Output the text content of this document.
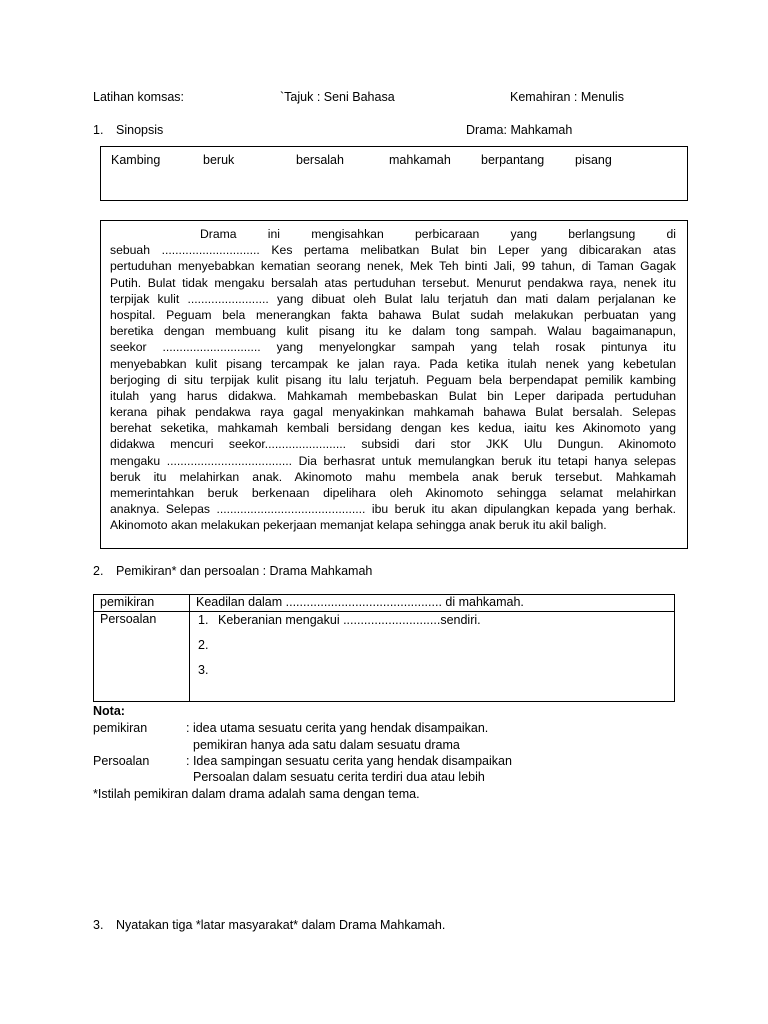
Latihan komsas:	`Tajuk : Seni Bahasa	Kemahiran : Menulis
1. Sinopsis	Drama: Mahkamah
Kambing	beruk	bersalah	mahkamah	berpantang	pisang
Drama ini mengisahkan perbicaraan yang berlangsung di
sebuah ............................. Kes pertama melibatkan Bulat bin Leper yang dibicarakan atas
pertuduhan menyebabkan kematian seorang nenek, Mek Teh binti Jali, 99 tahun, di Taman Gagak
Putih. Bulat tidak mengaku bersalah atas pertuduhan tersebut. Menurut pendakwa raya, nenek itu
terpijak kulit ........................ yang dibuat oleh Bulat lalu terjatuh dan mati dalam perjalanan ke
hospital. Peguam bela menerangkan fakta bahawa Bulat sudah melakukan perbuatan yang
beretika dengan membuang kulit pisang itu ke dalam tong sampah. Walau bagaimanapun,
seekor ............................. yang menyelongkar sampah yang telah rosak pintunya itu
menyebabkan kulit pisang tercampak ke jalan raya. Pada ketika itulah nenek yang kebetulan
berjoging di situ terpijak kulit pisang itu lalu terjatuh. Peguam bela berpendapat pemilik kambing
itulah yang harus didakwa. Mahkamah membebaskan Bulat bin Leper daripada pertuduhan
kerana pihak pendakwa raya gagal menyakinkan mahkamah bahawa Bulat bersalah. Selepas
berehat seketika, mahkamah kembali bersidang dengan kes kedua, iaitu kes Akinomoto yang
didakwa mencuri seekor........................ subsidi dari stor JKK Ulu Dungun. Akinomoto
mengaku ..................................... Dia berhasrat untuk memulangkan beruk itu tetapi hanya selepas
beruk itu melahirkan anak. Akinomoto mahu membela anak beruk tersebut. Mahkamah
memerintahkan beruk berkenaan dipelihara oleh Akinomoto sehingga selamat melahirkan
anaknya. Selepas ............................................ ibu beruk itu akan dipulangkan kepada yang berhak.
Akinomoto akan melakukan pekerjaan memanjat kelapa sehingga anak beruk itu akil baligh.
2. Pemikiran* dan persoalan : Drama Mahkamah
pemikiran	Keadilan dalam ............................................. di mahkamah.
Persoalan	1. Keberanian mengakui ............................sendiri.
2.
3.
Nota:
pemikiran	: idea utama sesuatu cerita yang hendak disampaikan.
pemikiran hanya ada satu dalam sesuatu drama
Persoalan	: Idea sampingan sesuatu cerita yang hendak disampaikan
Persoalan dalam sesuatu cerita terdiri dua atau lebih
*Istilah pemikiran dalam drama adalah sama dengan tema.
3. Nyatakan tiga *latar masyarakat* dalam Drama Mahkamah.
